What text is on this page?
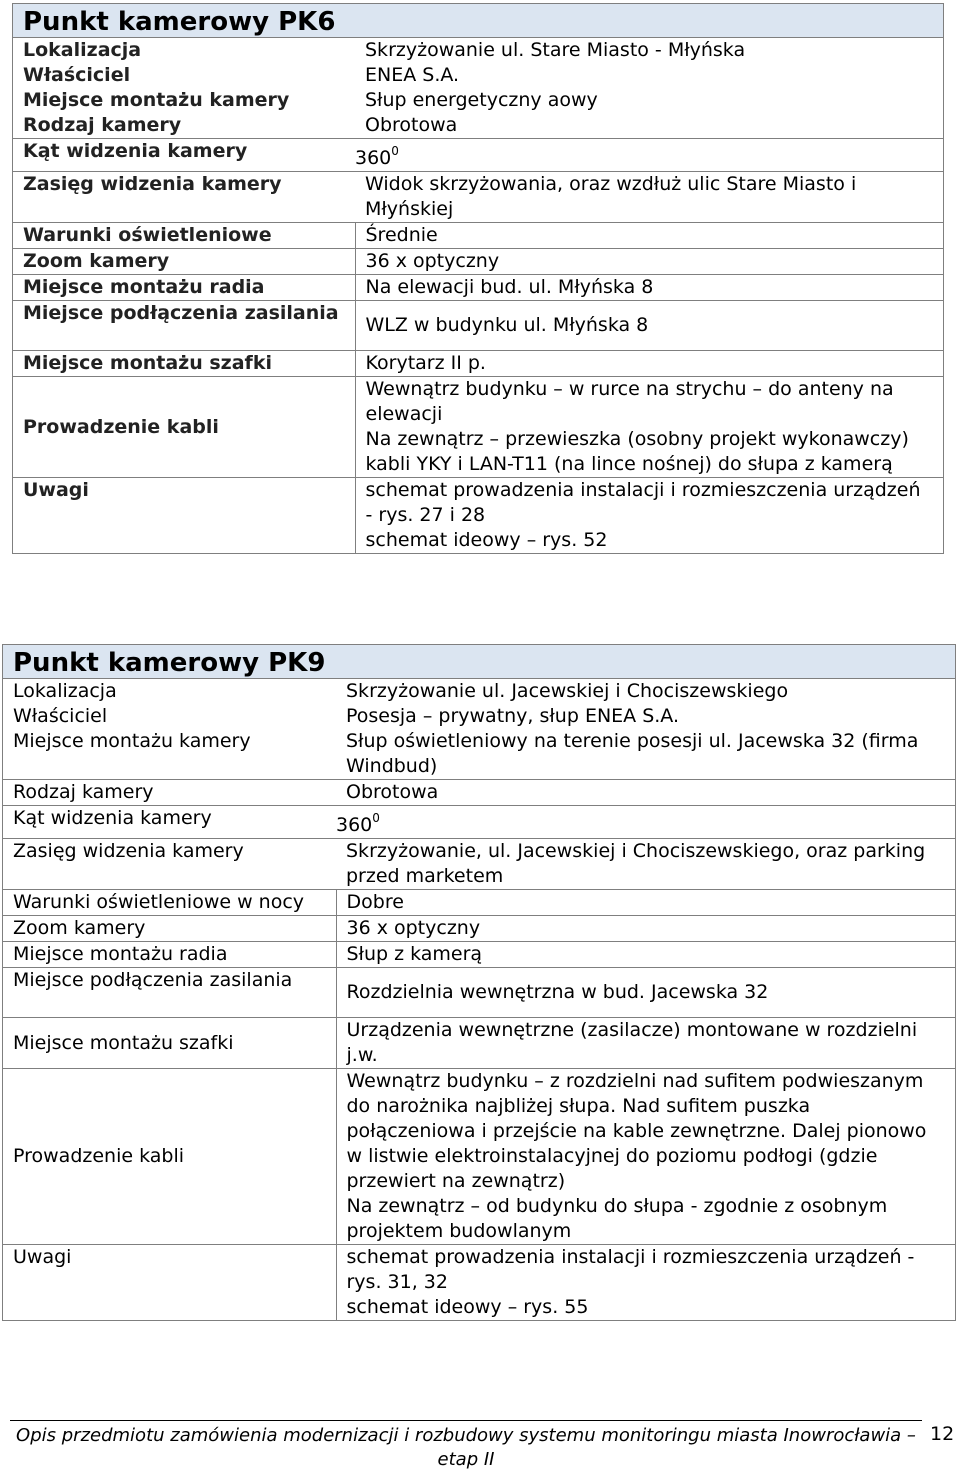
Punkt kamerowy PK6
Lokalizacja	Skrzyżowanie ul. Stare Miasto - Młyńska
Właściciel	ENEA S.A.
Miejsce montażu kamery	Słup energetyczny aowy
Rodzaj kamery	Obrotowa
Kąt widzenia kamery	$360^0$
Zasięg widzenia kamery	Widok skrzyżowania, oraz wzdłuż ulic Stare Miasto i
Młyńskiej

Warunki oświetleniowe	Średnie
Zoom kamery	36 x optyczny
Miejsce montażu radia	Na elewacji bud. ul. Młyńska 8
Miejsce podłączenia zasilania	WLZ w budynku ul. Młyńska 8
Miejsce montażu szafki	Korytarz II p.
Prowadzenie kabli	Wewnątrz budynku – w rurce na strychu – do anteny na elewacji
Na zewnątrz – przewieszka (osobny projekt wykonawczy) kabli YKY i LAN-T11 (na lince nośnej) do słupa z kamerą

Uwagi	schemat prowadzenia instalacji i rozmieszczenia urządzeń - rys. 27 i 28
schemat ideowy – rys. 52
Punkt kamerowy PK9
Lokalizacja	Skrzyżowanie ul. Jacewskiej i Chociszewskiego
Właściciel	Posesja – prywatny, słup ENEA S.A.
Miejsce montażu kamery	Słup oświetleniowy na terenie posesji ul. Jacewska 32 (firma Windbud)
Rodzaj kamery	Obrotowa
Kąt widzenia kamery	$360^0$
Zasięg widzenia kamery	Skrzyżowanie, ul. Jacewskiej i Chociszewskiego, oraz parking przed marketem
Warunki oświetleniowe w nocy	Dobre
Zoom kamery	36 x optyczny
Miejsce montażu radia	Słup z kamerą
Miejsce podłączenia zasilania	Rozdzielnia wewnętrzna w bud. Jacewska 32
Miejsce montażu szafki	Urządzenia wewnętrzne (zasilacze) montowane w rozdzielni j.w.
Prowadzenie kabli	Wewnątrz budynku – z rozdzielni nad sufitem podwieszanym do narożnika najbliżej słupa. Nad sufitem puszka połączeniowa i przejście na kable zewnętrzne. Dalej pionowo w listwie elektroinstalacyjnej do poziomu podłogi (gdzie przewiert na zewnątrz)
Na zewnątrz – od budynku do słupa - zgodnie z osobnym projektem budowlanym

Uwagi	schemat prowadzenia instalacji i rozmieszczenia urządzeń - rys. 31, 32
schemat ideowy – rys. 55
Opis przedmiotu zamówienia modernizacji i rozbudowy systemu monitoringu miasta Inowrocławia – etap II
12
